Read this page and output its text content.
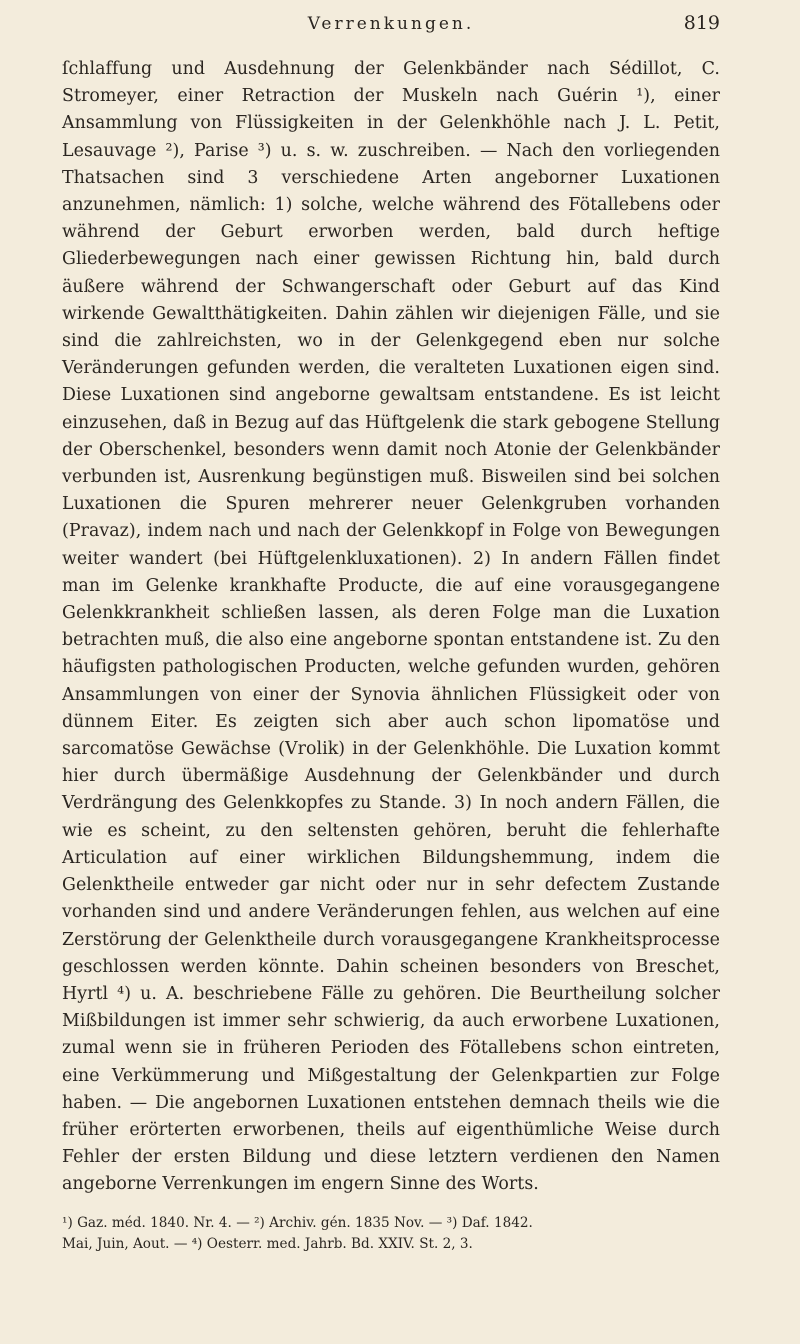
Verrenkungen.	819

ſchlaffung und Ausdehnung der Gelenkbänder nach Sédillot, C. Stromeyer, einer Retraction der Muskeln nach Guérin ¹), einer Ansammlung von Flüssigkeiten in der Gelenkhöhle nach J. L. Petit, Lesauvage ²), Parise ³) u. s. w. zuschreiben. — Nach den vorliegenden Thatsachen sind 3 verschiedene Arten angeborner Luxationen anzunehmen, nämlich: 1) solche, welche während des Fötallebens oder während der Geburt erworben werden, bald durch heftige Gliederbewegungen nach einer gewissen Richtung hin, bald durch äußere während der Schwangerschaft oder Geburt auf das Kind wirkende Gewaltthätigkeiten. Dahin zählen wir diejenigen Fälle, und sie sind die zahlreichsten, wo in der Gelenkgegend eben nur solche Veränderungen gefunden werden, die veralteten Luxationen eigen sind. Diese Luxationen sind angeborne gewaltsam entstandene. Es ist leicht einzusehen, daß in Bezug auf das Hüftgelenk die stark gebogene Stellung der Oberschenkel, besonders wenn damit noch Atonie der Gelenkbänder verbunden ist, Ausrenkung begünstigen muß. Bisweilen sind bei solchen Luxationen die Spuren mehrerer neuer Gelenkgruben vorhanden (Pravaz), indem nach und nach der Gelenkkopf in Folge von Bewegungen weiter wandert (bei Hüftgelenkluxationen). 2) In andern Fällen findet man im Gelenke krankhafte Producte, die auf eine vorausgegangene Gelenkkrankheit schließen lassen, als deren Folge man die Luxation betrachten muß, die also eine angeborne spontan entstandene ist. Zu den häufigsten pathologischen Producten, welche gefunden wurden, gehören Ansammlungen von einer der Synovia ähnlichen Flüssigkeit oder von dünnem Eiter. Es zeigten sich aber auch schon lipomatöse und sarcomatöse Gewächse (Vrolik) in der Gelenkhöhle. Die Luxation kommt hier durch übermäßige Ausdehnung der Gelenkbänder und durch Verdrängung des Gelenkkopfes zu Stande. 3) In noch andern Fällen, die wie es scheint, zu den seltensten gehören, beruht die fehlerhafte Articulation auf einer wirklichen Bildungshemmung, indem die Gelenktheile entweder gar nicht oder nur in sehr defectem Zustande vorhanden sind und andere Veränderungen fehlen, aus welchen auf eine Zerstörung der Gelenktheile durch vorausgegangene Krankheitsprocesse geschlossen werden könnte. Dahin scheinen besonders von Breschet, Hyrtl ⁴) u. A. beschriebene Fälle zu gehören. Die Beurtheilung solcher Mißbildungen ist immer sehr schwierig, da auch erworbene Luxationen, zumal wenn sie in früheren Perioden des Fötallebens schon eintreten, eine Verkümmerung und Mißgestaltung der Gelenkpartien zur Folge haben. — Die angebornen Luxationen entstehen demnach theils wie die früher erörterten erworbenen, theils auf eigenthümliche Weise durch Fehler der ersten Bildung und diese letztern verdienen den Namen angeborne Verrenkungen im engern Sinne des Worts.

¹) Gaz. méd. 1840. Nr. 4. — ²) Archiv. gén. 1835 Nov. — ³) Daf. 1842.

Mai, Juin, Aout. — ⁴) Oesterr. med. Jahrb. Bd. XXIV. St. 2, 3.
